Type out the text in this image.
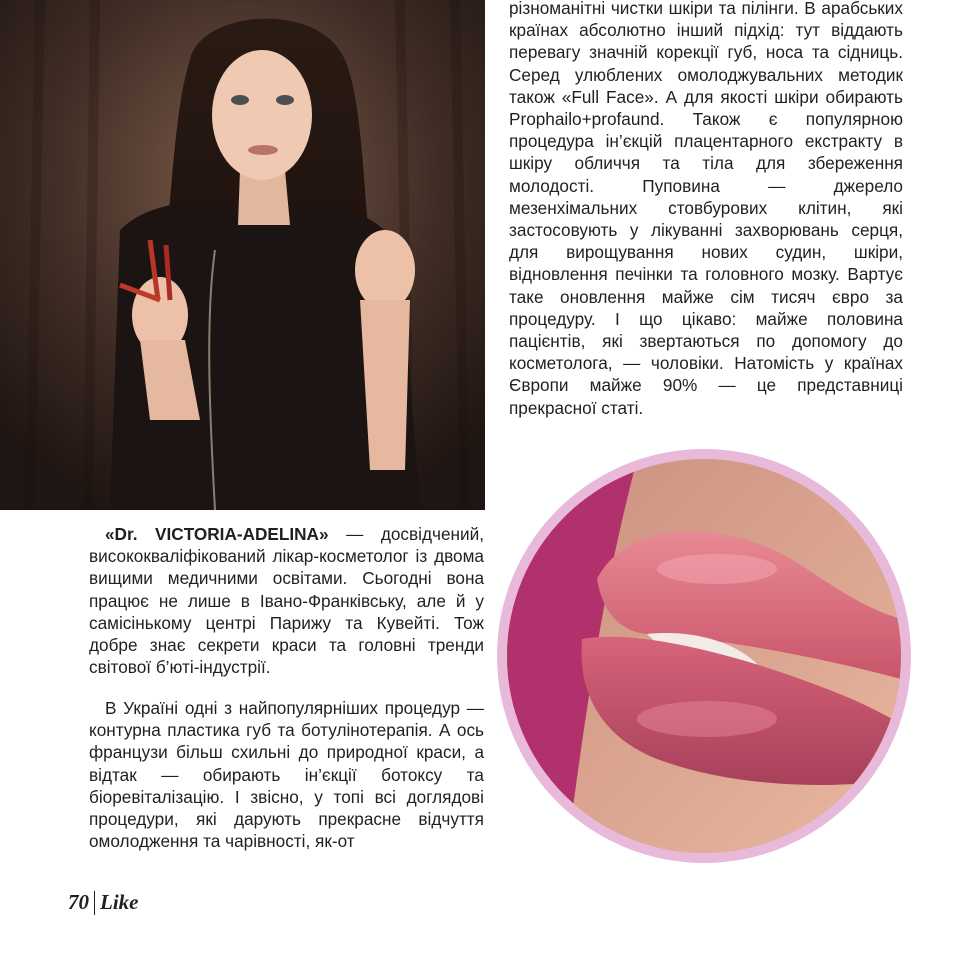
різноманітні чистки шкіри та пілінги. В арабських країнах абсолютно інший підхід: тут віддають перевагу значній корекції губ, носа та сідниць. Серед улюблених омолоджувальних методик також «Full Face». А для якості шкіри обирають Prophailo+profaund. Також є популярною процедура ін’єкцій плацентарного екстракту в шкіру обличчя та тіла для збереження молодості. Пуповина — джерело мезенхімальних стовбурових клітин, які застосовують у лікуванні захворювань серця, для вирощування нових судин, шкіри, відновлення печінки та головного мозку. Вартує таке оновлення майже сім тисяч євро за процедуру. І що цікаво: майже половина пацієнтів, які звертаються по допомогу до косметолога, — чоловіки. Натомість у країнах Європи майже 90% — це представниці прекрасної статі.

«Dr. VICTORIA-ADELINA» — досвідчений, висококваліфікований лікар-косметолог із двома вищими медичними освітами. Сьогодні вона працює не лише в Івано-Франківську, але й у самісінькому центрі Парижу та Кувейті. Тож добре знає секрети краси та головні тренди світової б’юті-індустрії.

В Україні одні з найпопулярніших процедур — контурна пластика губ та ботулінотерапія. А ось французи більш схильні до природної краси, а відтак — обирають ін’єкції ботоксу та біоревіталізацію. І звісно, у топі всі доглядові процедури, які дарують прекрасне відчуття омолодження та чарівності, як-от

70 Like
